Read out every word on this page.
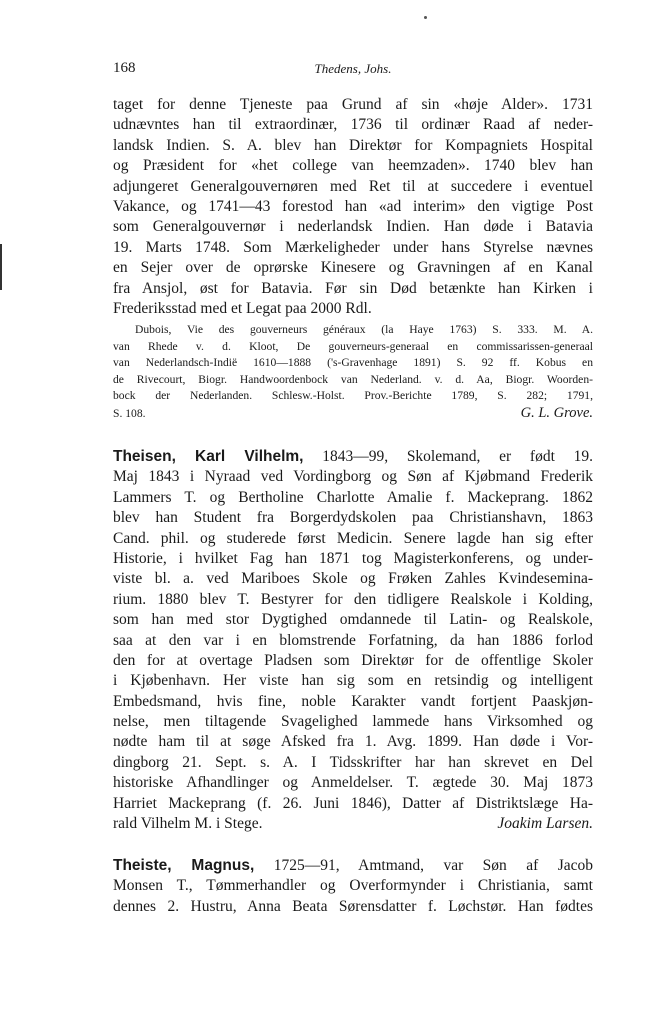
168	Thedens, Johs.
taget for denne Tjeneste paa Grund af sin «høje Alder». 1731
udnævntes han til extraordinær, 1736 til ordinær Raad af neder-
landsk Indien. S. A. blev han Direktør for Kompagniets Hospital
og Præsident for «het college van heemzaden». 1740 blev han
adjungeret Generalgouvernøren med Ret til at succedere i eventuel
Vakance, og 1741—43 forestod han «ad interim» den vigtige Post
som Generalgouvernør i nederlandsk Indien. Han døde i Batavia
19. Marts 1748. Som Mærkeligheder under hans Styrelse nævnes
en Sejer over de oprørske Kinesere og Gravningen af en Kanal
fra Ansjol, øst for Batavia. Før sin Død betænkte han Kirken i
Frederiksstad med et Legat paa 2000 Rdl.
Dubois, Vie des gouverneurs généraux (la Haye 1763) S. 333. M. A.
van Rhede v. d. Kloot, De gouverneurs-generaal en commissarissen-generaal
van Nederlandsch-Indië 1610—1888 ('s-Gravenhage 1891) S. 92 ff. Kobus en
de Rivecourt, Biogr. Handwoordenbock van Nederland. v. d. Aa, Biogr. Woorden-
bock der Nederlanden. Schlesw.-Holst. Prov.-Berichte 1789, S. 282; 1791,
S. 108.	G. L. Grove.
Theisen, Karl Vilhelm, 1843—99, Skolemand, er født 19.
Maj 1843 i Nyraad ved Vordingborg og Søn af Kjøbmand Frederik
Lammers T. og Bertholine Charlotte Amalie f. Mackeprang. 1862
blev han Student fra Borgerdydskolen paa Christianshavn, 1863
Cand. phil. og studerede først Medicin. Senere lagde han sig efter
Historie, i hvilket Fag han 1871 tog Magisterkonferens, og under-
viste bl. a. ved Mariboes Skole og Frøken Zahles Kvindesemina-
rium. 1880 blev T. Bestyrer for den tidligere Realskole i Kolding,
som han med stor Dygtighed omdannede til Latin- og Realskole,
saa at den var i en blomstrende Forfatning, da han 1886 forlod
den for at overtage Pladsen som Direktør for de offentlige Skoler
i Kjøbenhavn. Her viste han sig som en retsindig og intelligent
Embedsmand, hvis fine, noble Karakter vandt fortjent Paaskjøn-
nelse, men tiltagende Svagelighed lammede hans Virksomhed og
nødte ham til at søge Afsked fra 1. Avg. 1899. Han døde i Vor-
dingborg 21. Sept. s. A. I Tidsskrifter har han skrevet en Del
historiske Afhandlinger og Anmeldelser. T. ægtede 30. Maj 1873
Harriet Mackeprang (f. 26. Juni 1846), Datter af Distriktslæge Ha-
rald Vilhelm M. i Stege.	Joakim Larsen.
Theiste, Magnus, 1725—91, Amtmand, var Søn af Jacob
Monsen T., Tømmerhandler og Overformynder i Christiania, samt
dennes 2. Hustru, Anna Beata Sørensdatter f. Løchstør. Han fødtes
